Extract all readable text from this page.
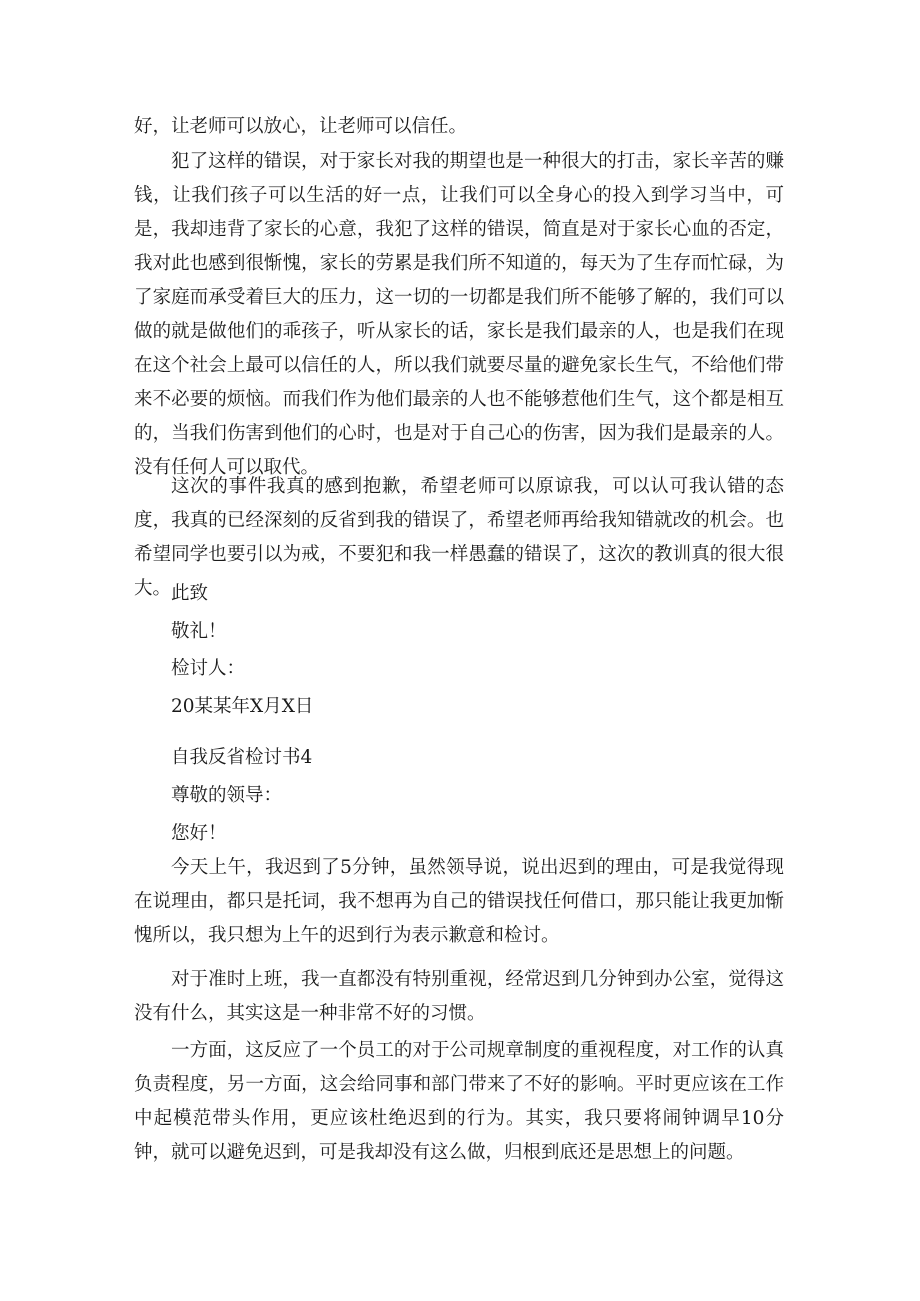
好，让老师可以放心，让老师可以信任。

犯了这样的错误，对于家长对我的期望也是一种很大的打击，家长辛苦的赚钱，让我们孩子可以生活的好一点，让我们可以全身心的投入到学习当中，可是，我却违背了家长的心意，我犯了这样的错误，简直是对于家长心血的否定，我对此也感到很惭愧，家长的劳累是我们所不知道的，每天为了生存而忙碌，为了家庭而承受着巨大的压力，这一切的一切都是我们所不能够了解的，我们可以做的就是做他们的乖孩子，听从家长的话，家长是我们最亲的人，也是我们在现在这个社会上最可以信任的人，所以我们就要尽量的避免家长生气，不给他们带来不必要的烦恼。而我们作为他们最亲的人也不能够惹他们生气，这个都是相互的，当我们伤害到他们的心时，也是对于自己心的伤害，因为我们是最亲的人。没有任何人可以取代。

这次的事件我真的感到抱歉，希望老师可以原谅我，可以认可我认错的态度，我真的已经深刻的反省到我的错误了，希望老师再给我知错就改的机会。也希望同学也要引以为戒，不要犯和我一样愚蠢的错误了，这次的教训真的很大很大。 此致

敬礼！

检讨人：

20某某年X月X日

自我反省检讨书4

尊敬的领导：

您好！

今天上午，我迟到了5分钟，虽然领导说，说出迟到的理由，可是我觉得现在说理由，都只是托词，我不想再为自己的错误找任何借口，那只能让我更加惭愧所以，我只想为上午的迟到行为表示歉意和检讨。

对于准时上班，我一直都没有特别重视，经常迟到几分钟到办公室，觉得这没有什么，其实这是一种非常不好的习惯。

一方面，这反应了一个员工的对于公司规章制度的重视程度，对工作的认真负责程度，另一方面，这会给同事和部门带来了不好的影响。平时更应该在工作中起模范带头作用，更应该杜绝迟到的行为。其实，我只要将闹钟调早10分钟，就可以避免迟到，可是我却没有这么做，归根到底还是思想上的问题。
